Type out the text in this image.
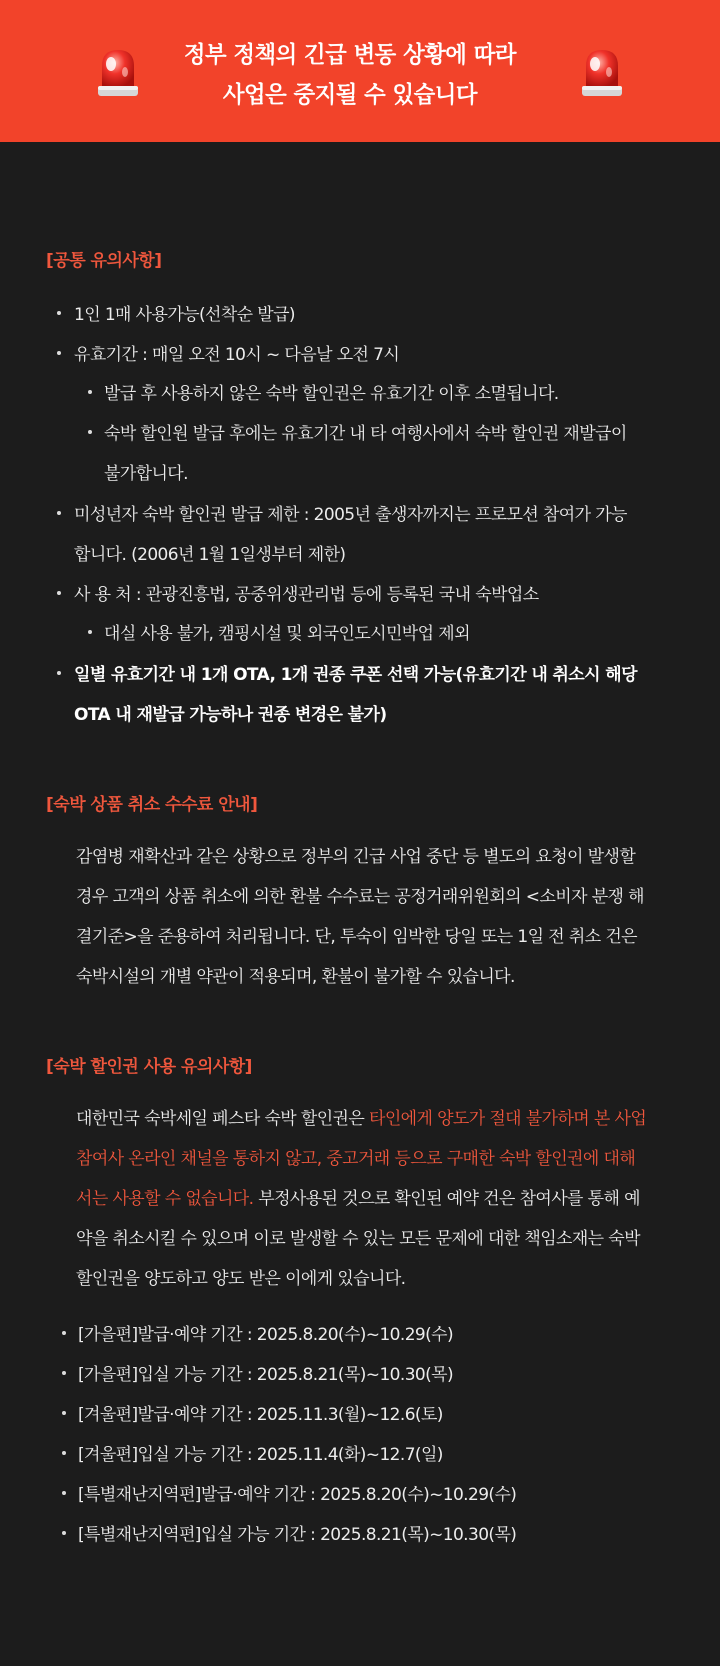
정부 정책의 긴급 변동 상황에 따라
사업은 중지될 수 있습니다
[공통 유의사항]
1인 1매 사용가능(선착순 발급)
유효기간 : 매일 오전 10시 ~ 다음날 오전 7시
발급 후 사용하지 않은 숙박 할인권은 유효기간 이후 소멸됩니다.
숙박 할인원 발급 후에는 유효기간 내 타 여행사에서 숙박 할인권 재발급이
불가합니다.
미성년자 숙박 할인권 발급 제한 : 2005년 출생자까지는 프로모션 참여가 가능
합니다. (2006년 1월 1일생부터 제한)
사 용 처 : 관광진흥법, 공중위생관리법 등에 등록된 국내 숙박업소
대실 사용 불가, 캠핑시설 및 외국인도시민박업 제외
일별 유효기간 내 1개 OTA, 1개 권종 쿠폰 선택 가능(유효기간 내 취소시 해당
OTA 내 재발급 가능하나 권종 변경은 불가)
[숙박 상품 취소 수수료 안내]
감염병 재확산과 같은 상황으로 정부의 긴급 사업 중단 등 별도의 요청이 발생할
경우 고객의 상품 취소에 의한 환불 수수료는 공정거래위원회의 <소비자 분쟁 해
결기준>을 준용하여 처리됩니다. 단, 투숙이 임박한 당일 또는 1일 전 취소 건은
숙박시설의 개별 약관이 적용되며, 환불이 불가할 수 있습니다.
[숙박 할인권 사용 유의사항]
대한민국 숙박세일 페스타 숙박 할인권은 타인에게 양도가 절대 불가하며 본 사업
참여사 온라인 채널을 통하지 않고, 중고거래 등으로 구매한 숙박 할인권에 대해
서는 사용할 수 없습니다. 부정사용된 것으로 확인된 예약 건은 참여사를 통해 예
약을 취소시킬 수 있으며 이로 발생할 수 있는 모든 문제에 대한 책임소재는 숙박
할인권을 양도하고 양도 받은 이에게 있습니다.
[가을편]발급·예약 기간 : 2025.8.20(수)~10.29(수)
[가을편]입실 가능 기간 : 2025.8.21(목)~10.30(목)
[겨울편]발급·예약 기간 : 2025.11.3(월)~12.6(토)
[겨울편]입실 가능 기간 : 2025.11.4(화)~12.7(일)
[특별재난지역편]발급·예약 기간 : 2025.8.20(수)~10.29(수)
[특별재난지역편]입실 가능 기간 : 2025.8.21(목)~10.30(목)
